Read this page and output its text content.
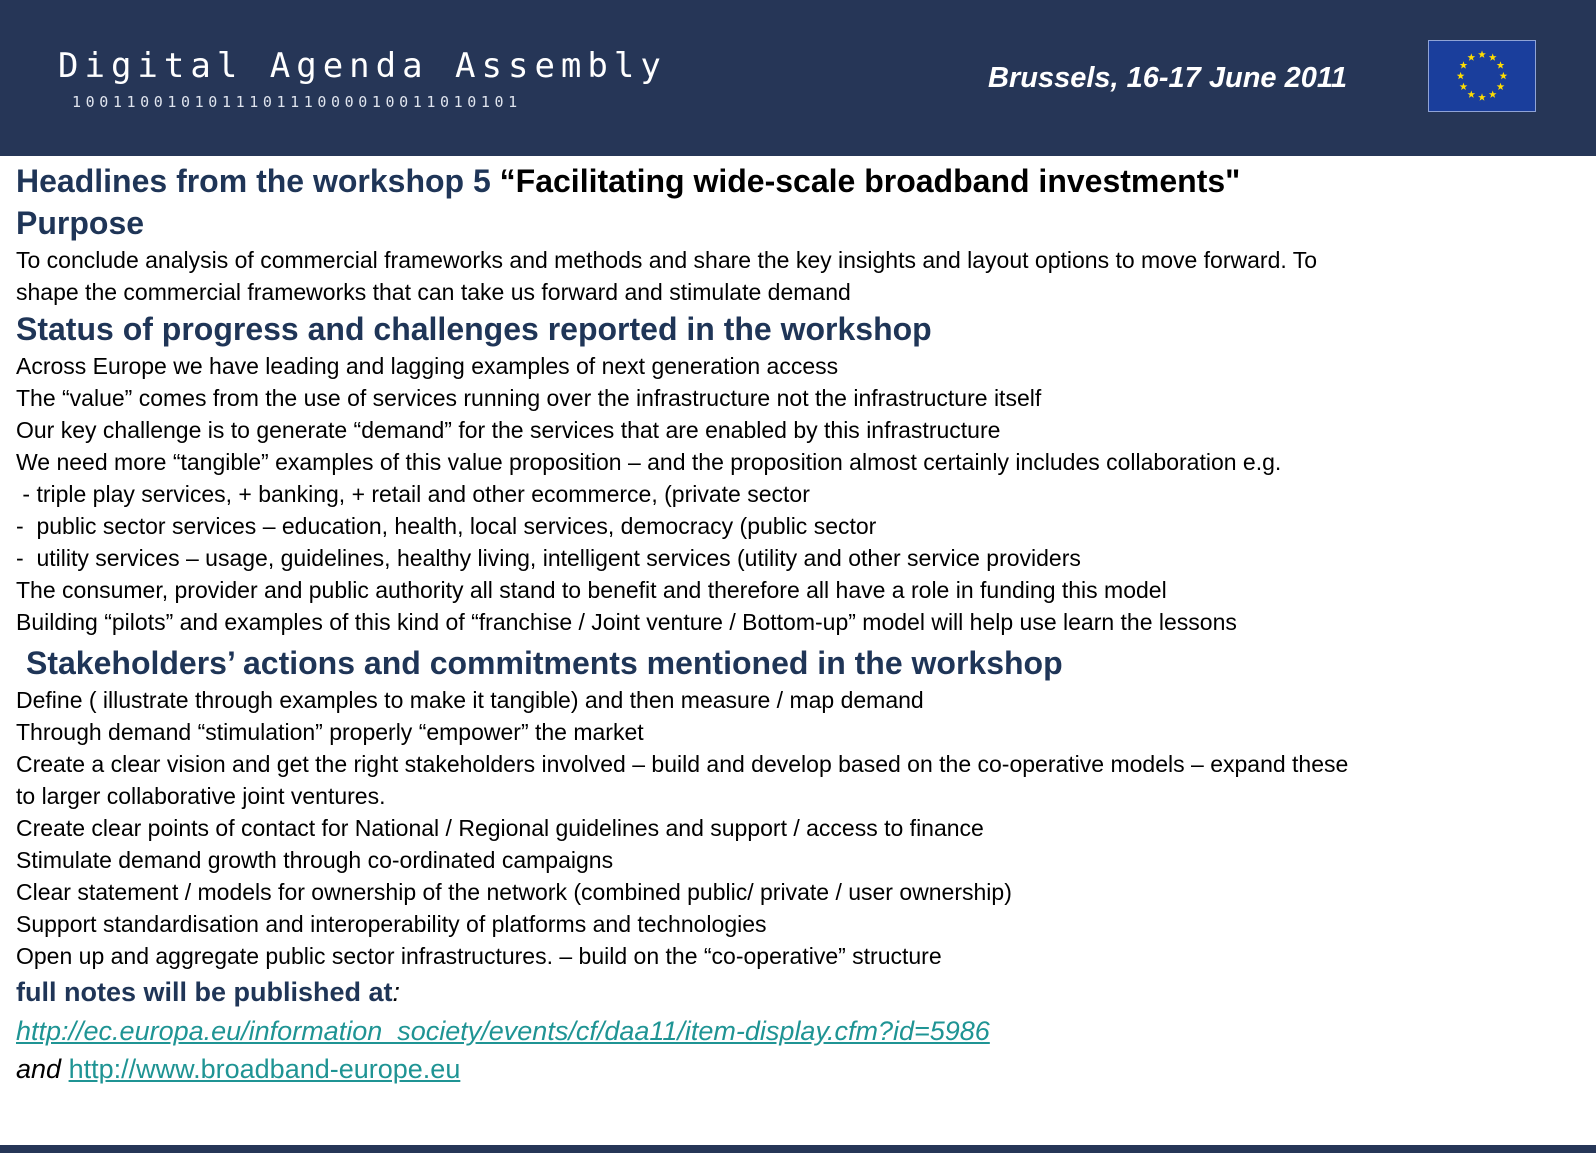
Digital Agenda Assembly
100110010101110111000010011010101
Brussels, 16-17 June 2011
Headlines from the workshop 5 “Facilitating wide-scale broadband investments"
Purpose
To conclude analysis of commercial frameworks and methods and share the key insights and layout options to move forward. To
shape the commercial frameworks that can take us forward and stimulate demand
Status of progress and challenges reported in the workshop
Across Europe we have leading and lagging examples of next generation access
The “value” comes from the use of services running over the infrastructure not the infrastructure itself
Our key challenge is to generate “demand” for the services that are enabled by this infrastructure
We need more “tangible” examples of this value proposition – and the proposition almost certainly includes collaboration e.g.
- triple play services, + banking, + retail and other ecommerce, (private sector
-  public sector services – education, health, local services, democracy (public sector
-  utility services – usage, guidelines, healthy living, intelligent services (utility and other service providers
The consumer, provider and public authority all stand to benefit and therefore all have a role in funding this model
Building “pilots” and examples of this kind of “franchise / Joint venture / Bottom-up” model will help use learn the lessons
Stakeholders’ actions and commitments mentioned in the workshop
Define ( illustrate through examples to make it tangible) and then measure / map demand
Through demand “stimulation” properly “empower” the market
Create a clear vision and get the right stakeholders involved – build and develop based on the co-operative models – expand these
to larger collaborative joint ventures.
Create clear points of contact for National / Regional guidelines and support / access to finance
Stimulate demand growth through co-ordinated campaigns
Clear statement / models for ownership of the network (combined public/ private / user ownership)
Support standardisation and interoperability of platforms and technologies
Open up and aggregate public sector infrastructures. – build on the “co-operative” structure
full notes will be published at:
http://ec.europa.eu/information_society/events/cf/daa11/item-display.cfm?id=5986
and http://www.broadband-europe.eu
